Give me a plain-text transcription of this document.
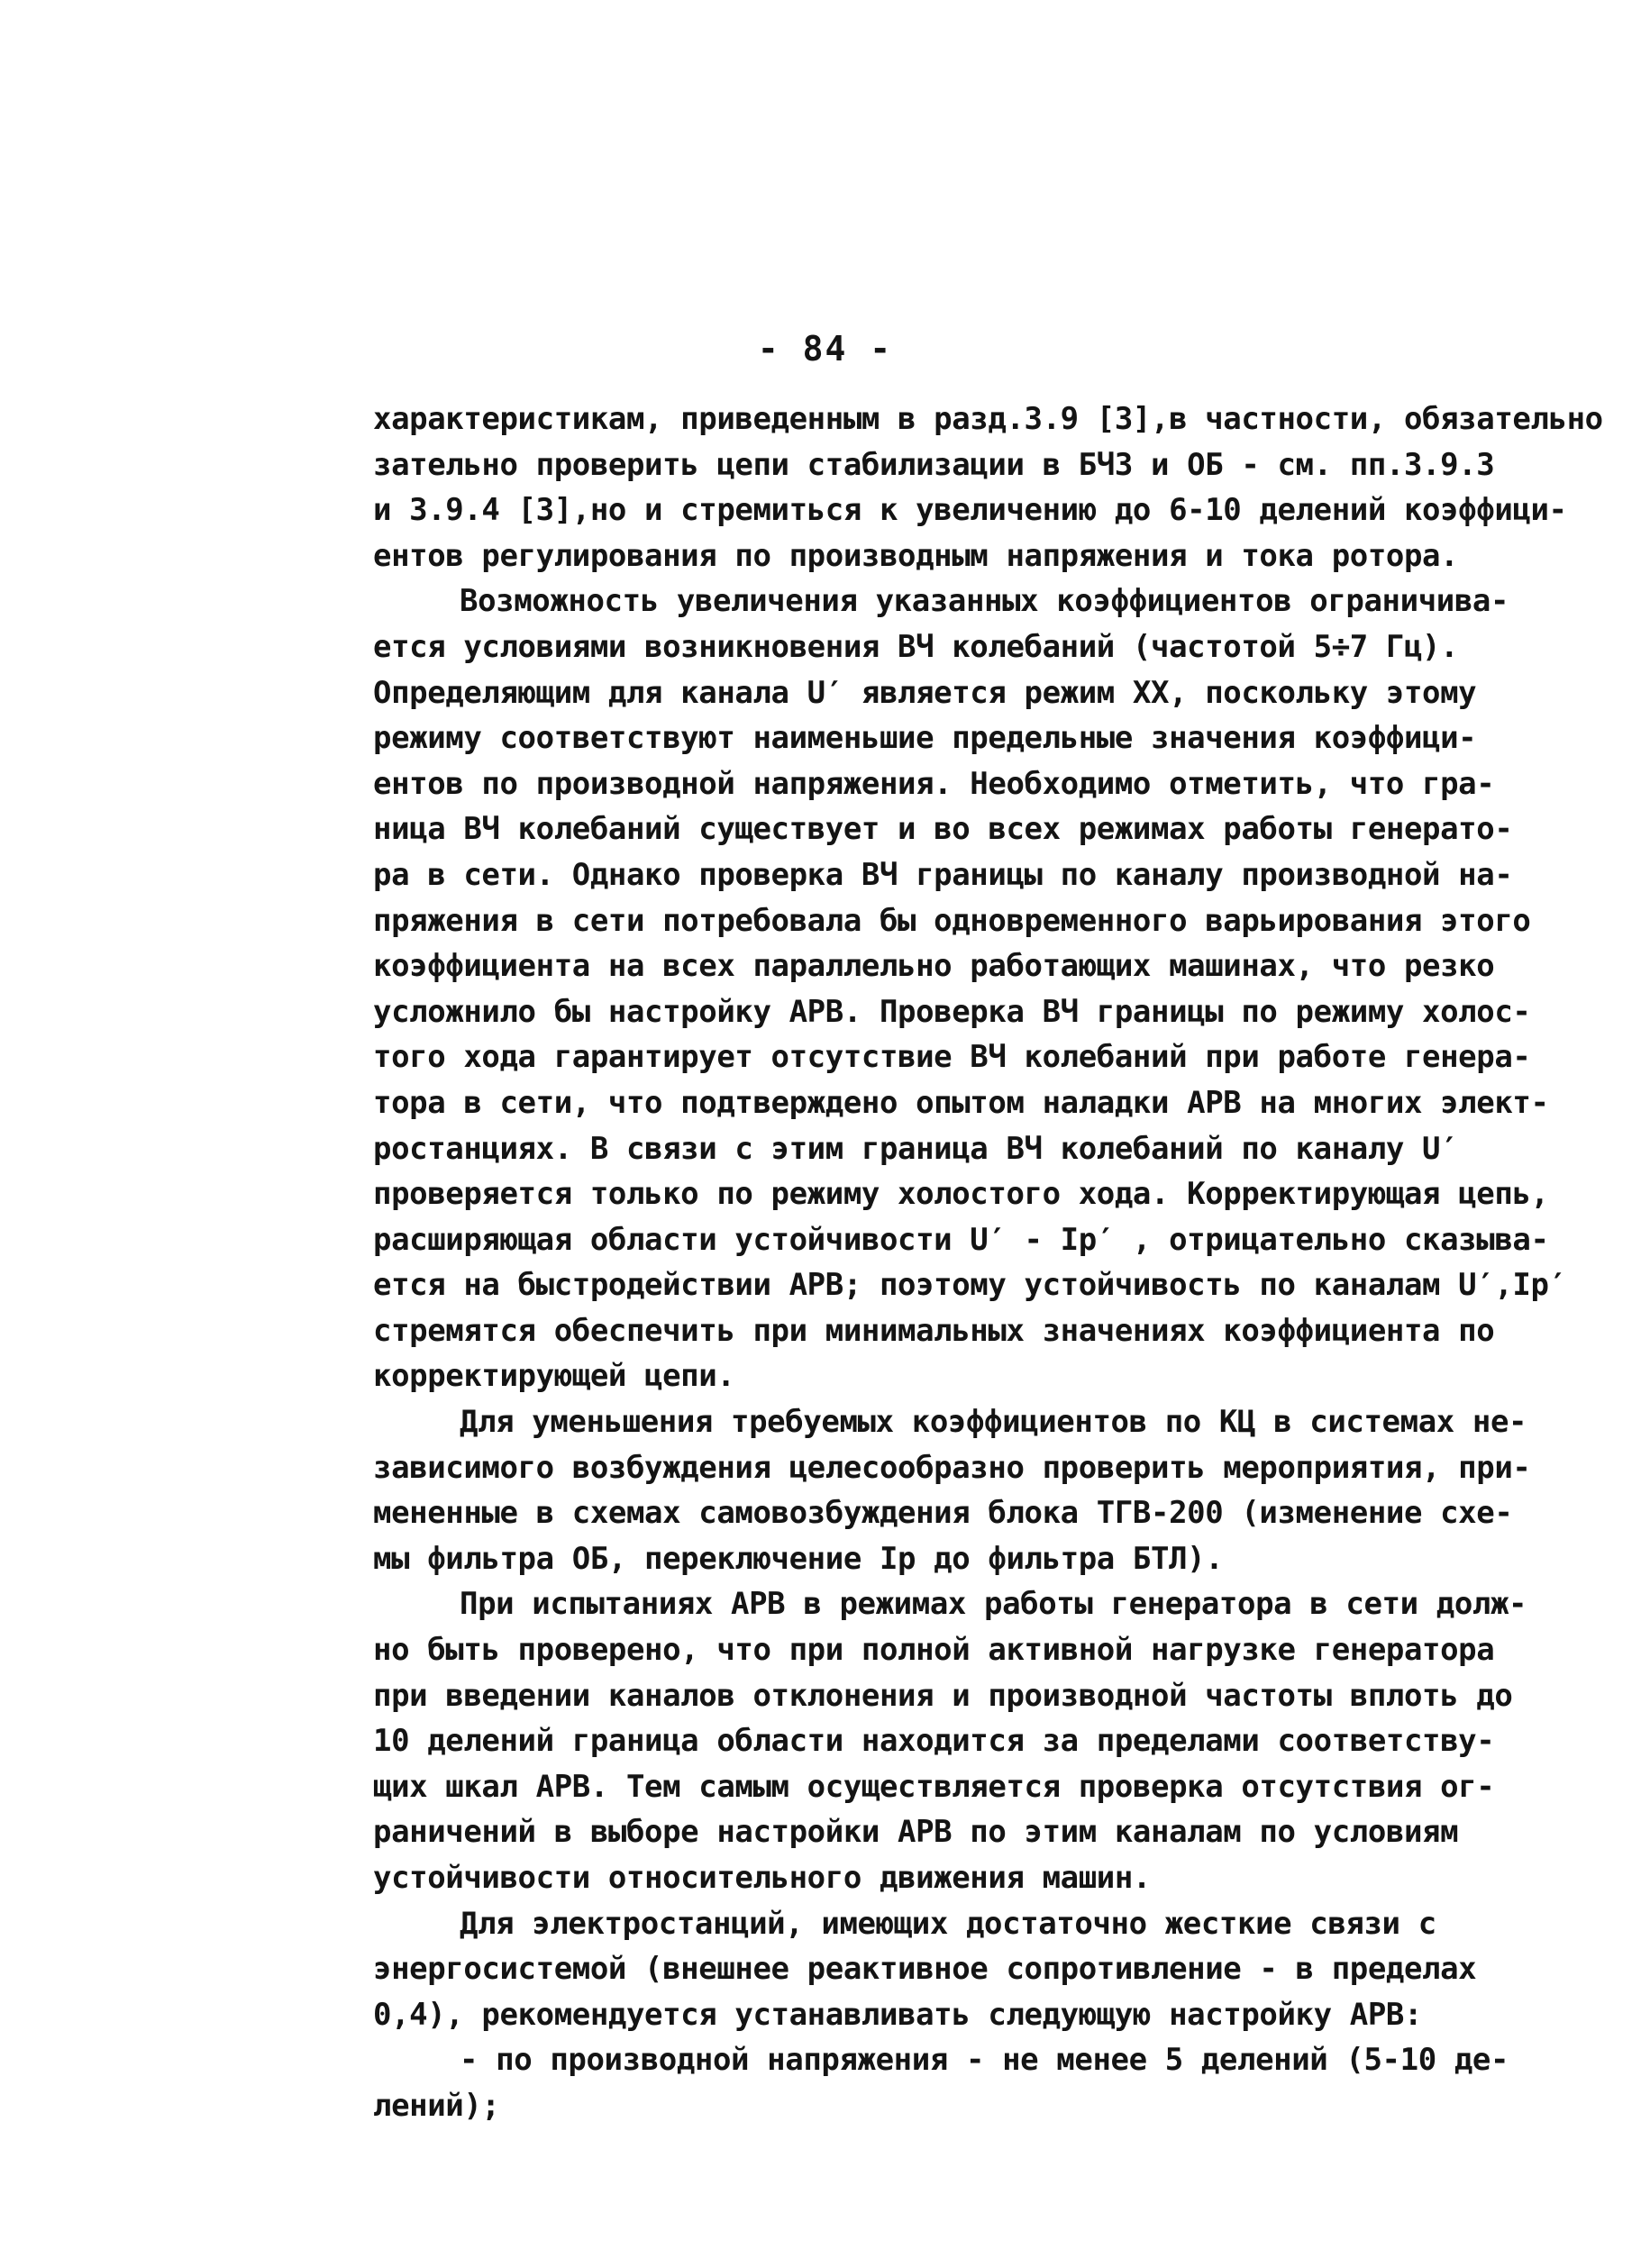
- 84 -
характеристикам, приведенным в разд.3.9 [3],в частности, обязательно
зательно проверить цепи стабилизации в БЧЗ и ОБ - см. пп.3.9.3
и 3.9.4 [3],но и стремиться к увеличению до 6-10 делений коэффици-
ентов регулирования по производным напряжения и тока ротора.
Возможность увеличения указанных коэффициентов ограничива-
ется условиями возникновения ВЧ колебаний (частотой 5÷7 Гц).
Определяющим для канала U′ является режим XX, поскольку этому
режиму соответствуют наименьшие предельные значения коэффици-
ентов по производной напряжения. Необходимо отметить, что гра-
ница ВЧ колебаний существует и во всех режимах работы генерато-
ра в сети. Однако проверка ВЧ границы по каналу производной на-
пряжения в сети потребовала бы одновременного варьирования этого
коэффициента на всех параллельно работающих машинах, что резко
усложнило бы настройку АРВ. Проверка ВЧ границы по режиму холос-
того хода гарантирует отсутствие ВЧ колебаний при работе генера-
тора в сети, что подтверждено опытом наладки АРВ на многих элект-
ростанциях. В связи с этим граница ВЧ колебаний по каналу U′
проверяется только по режиму холостого хода. Корректирующая цепь,
расширяющая области устойчивости U′ - Iр′ , отрицательно сказыва-
ется на быстродействии АРВ; поэтому устойчивость по каналам U′,Iр′
стремятся обеспечить при минимальных значениях коэффициента по
корректирующей цепи.
Для уменьшения требуемых коэффициентов по КЦ в системах не-
зависимого возбуждения целесообразно проверить мероприятия, при-
мененные в схемах самовозбуждения блока ТГВ-200 (изменение схе-
мы фильтра ОБ, переключение Iр до фильтра БТЛ).
При испытаниях АРВ в режимах работы генератора в сети долж-
но быть проверено, что при полной активной нагрузке генератора
при введении каналов отклонения и производной частоты вплоть до
10 делений граница области находится за пределами соответству-
щих шкал АРВ. Тем самым осуществляется проверка отсутствия ог-
раничений в выборе настройки АРВ по этим каналам по условиям
устойчивости относительного движения машин.
Для электростанций, имеющих достаточно жесткие связи с
энергосистемой (внешнее реактивное сопротивление - в пределах
0,4), рекомендуется устанавливать следующую настройку АРВ:
- по производной напряжения - не менее 5 делений (5-10 де-
лений);
